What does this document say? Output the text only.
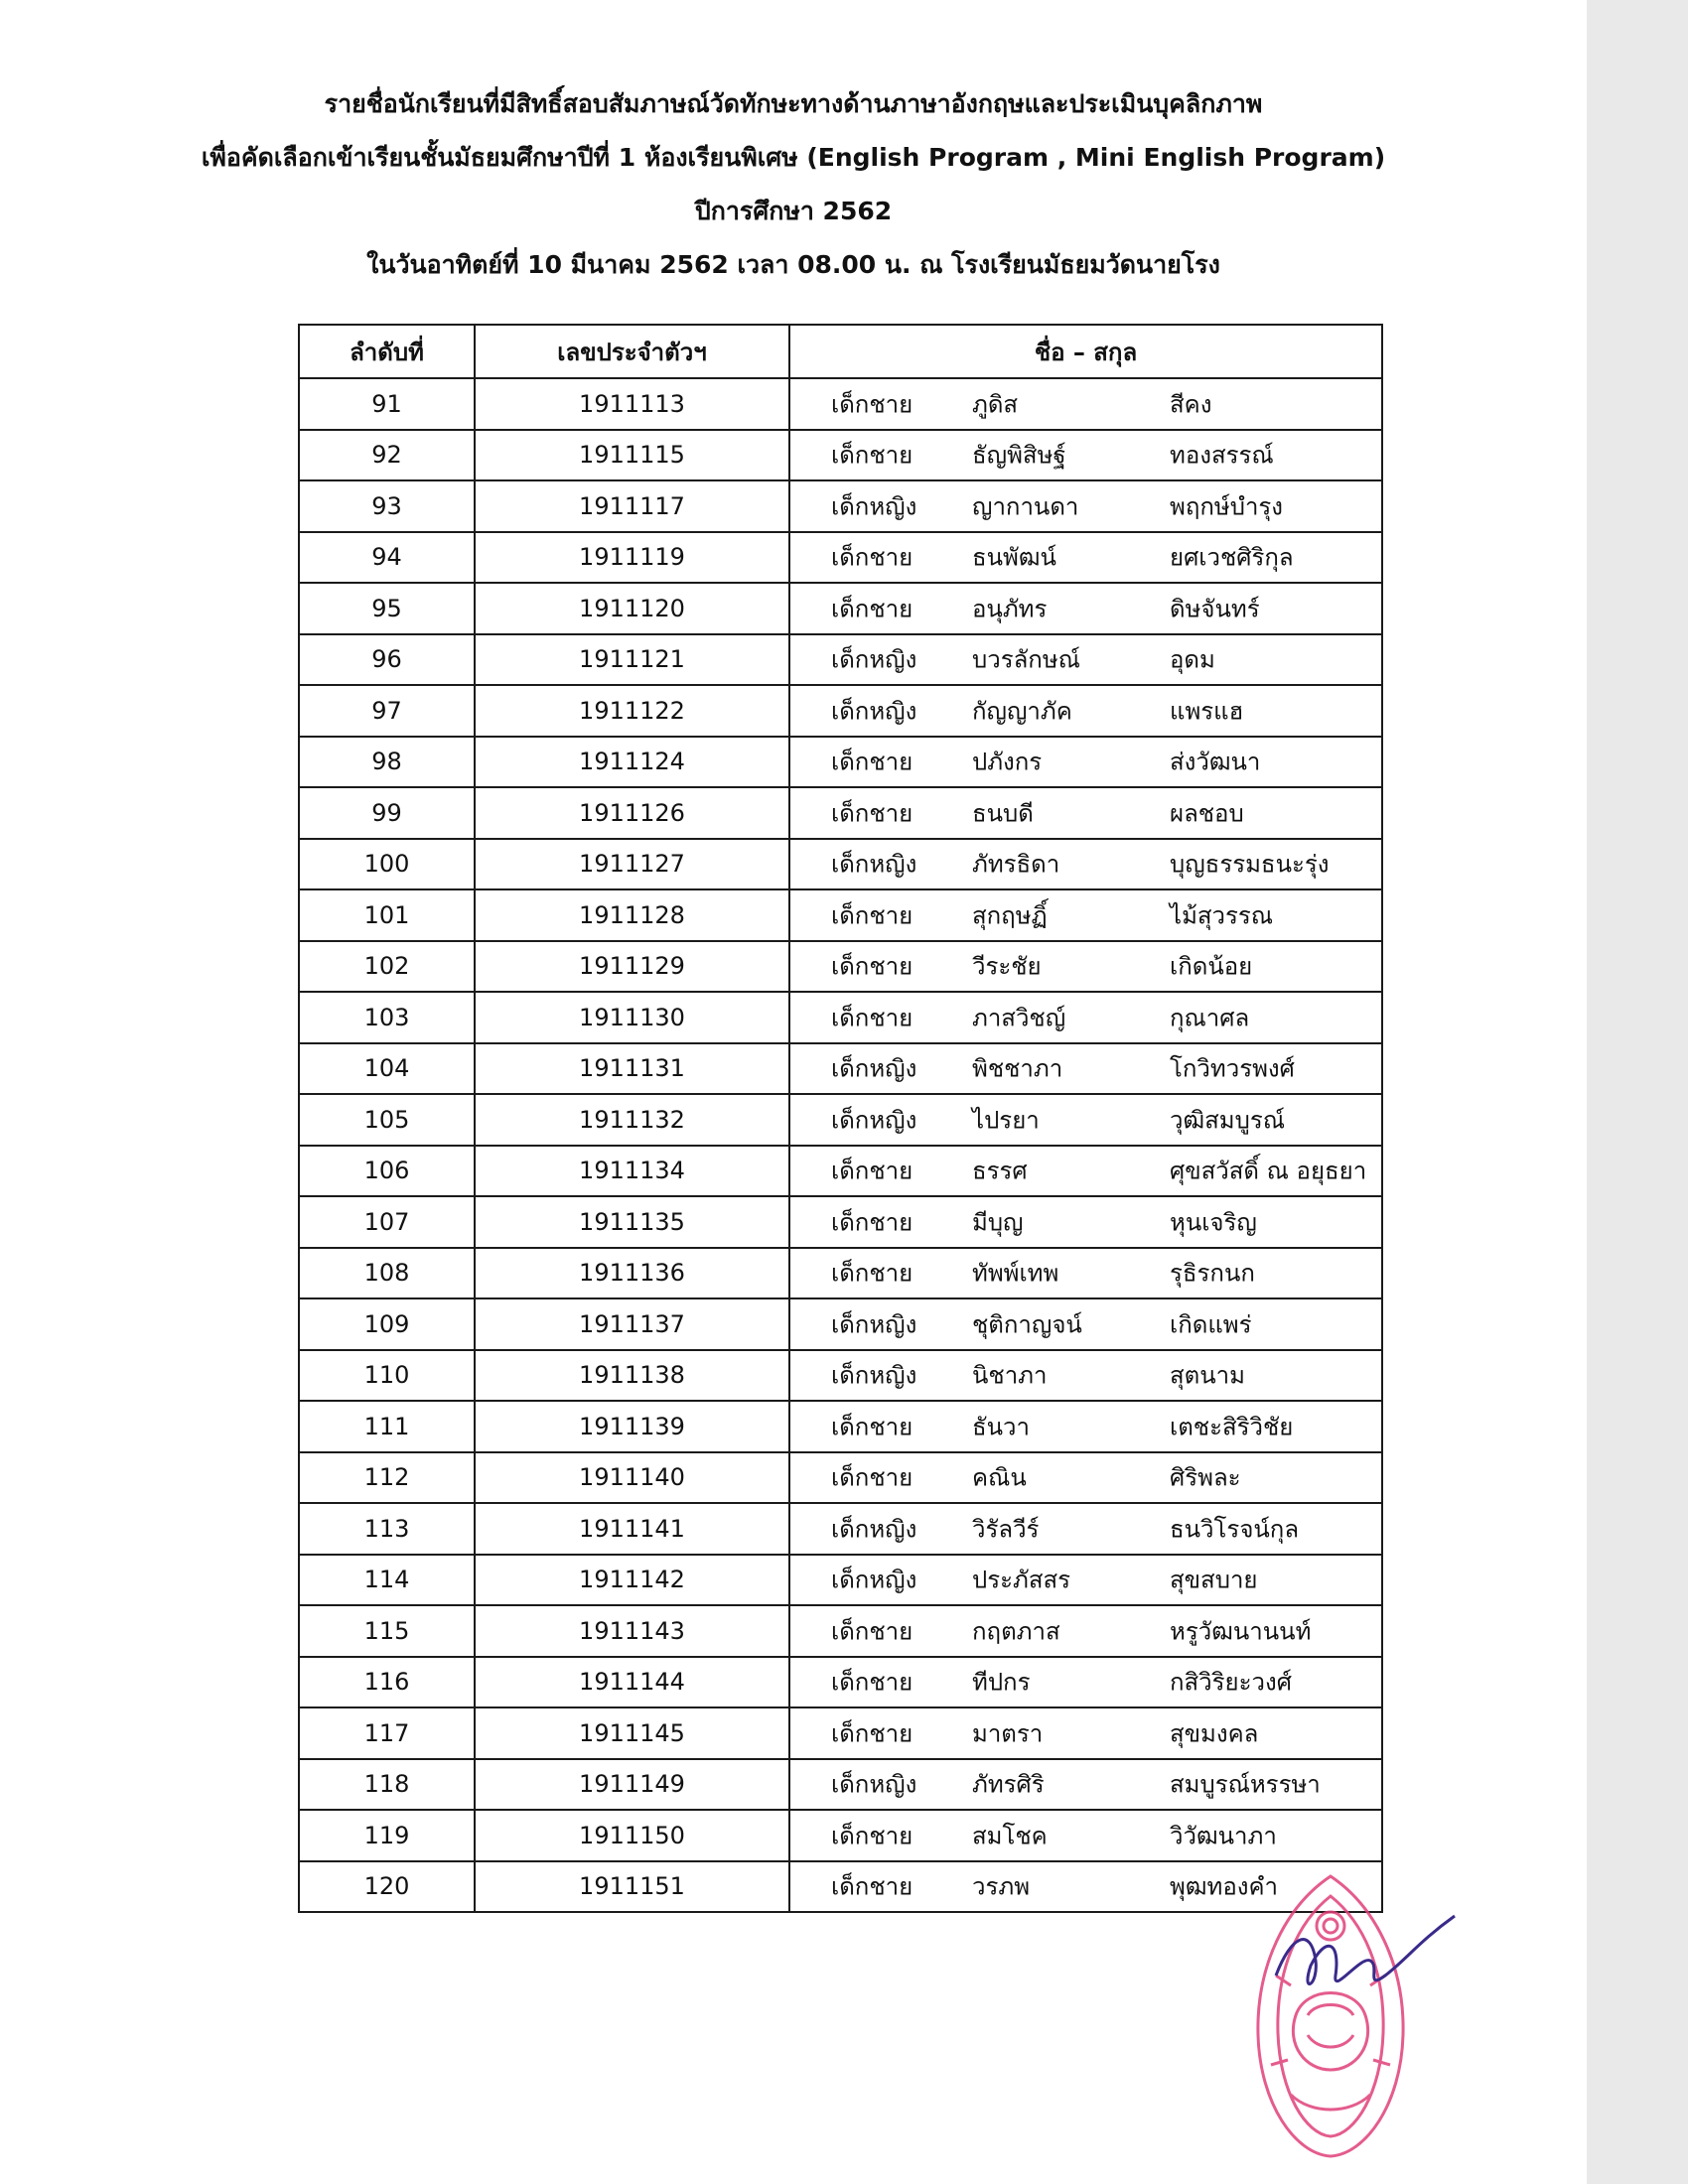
รายชื่อนักเรียนที่มีสิทธิ์สอบสัมภาษณ์วัดทักษะทางด้านภาษาอังกฤษและประเมินบุคลิกภาพ
เพื่อคัดเลือกเข้าเรียนชั้นมัธยมศึกษาปีที่ 1 ห้องเรียนพิเศษ (English Program , Mini English Program)
ปีการศึกษา 2562
ในวันอาทิตย์ที่ 10 มีนาคม 2562 เวลา 08.00 น. ณ โรงเรียนมัธยมวัดนายโรง
ลำดับที่	เลขประจำตัวฯ	ชื่อ – สกุล
91	1911113	เด็กชาย ภูดิส สีคง

92	1911115	เด็กชาย ธัญพิสิษฐ์ ทองสรรณ์

93	1911117	เด็กหญิง ญากานดา พฤกษ์บำรุง

94	1911119	เด็กชาย ธนพัฒน์ ยศเวชศิริกุล

95	1911120	เด็กชาย อนุภัทร ดิษจันทร์

96	1911121	เด็กหญิง บวรลักษณ์ อุดม

97	1911122	เด็กหญิง กัญญาภัค แพรแฮ

98	1911124	เด็กชาย ปภังกร ส่งวัฒนา

99	1911126	เด็กชาย ธนบดี ผลชอบ

100	1911127	เด็กหญิง ภัทรธิดา บุญธรรมธนะรุ่ง

101	1911128	เด็กชาย สุกฤษฏิ์ ไม้สุวรรณ

102	1911129	เด็กชาย วีระชัย เกิดน้อย

103	1911130	เด็กชาย ภาสวิชญ์ กุณาศล

104	1911131	เด็กหญิง พิชชาภา โกวิทวรพงศ์

105	1911132	เด็กหญิง ไปรยา วุฒิสมบูรณ์

106	1911134	เด็กชาย ธรรศ ศุขสวัสดิ์ ณ อยุธยา

107	1911135	เด็กชาย มีบุญ หุนเจริญ

108	1911136	เด็กชาย ทัพพ์เทพ รุธิรกนก

109	1911137	เด็กหญิง ชุติกาญจน์ เกิดแพร่

110	1911138	เด็กหญิง นิชาภา สุตนาม

111	1911139	เด็กชาย ธันวา เตชะสิริวิชัย

112	1911140	เด็กชาย คณิน ศิริพละ

113	1911141	เด็กหญิง วิรัลวีร์ ธนวิโรจน์กุล

114	1911142	เด็กหญิง ประภัสสร สุขสบาย

115	1911143	เด็กชาย กฤตภาส หรูวัฒนานนท์

116	1911144	เด็กชาย ทีปกร กสิวิริยะวงศ์

117	1911145	เด็กชาย มาตรา สุขมงคล

118	1911149	เด็กหญิง ภัทรศิริ สมบูรณ์หรรษา

119	1911150	เด็กชาย สมโชค วิวัฒนาภา

120	1911151	เด็กชาย วรภพ พุฒทองคำ
